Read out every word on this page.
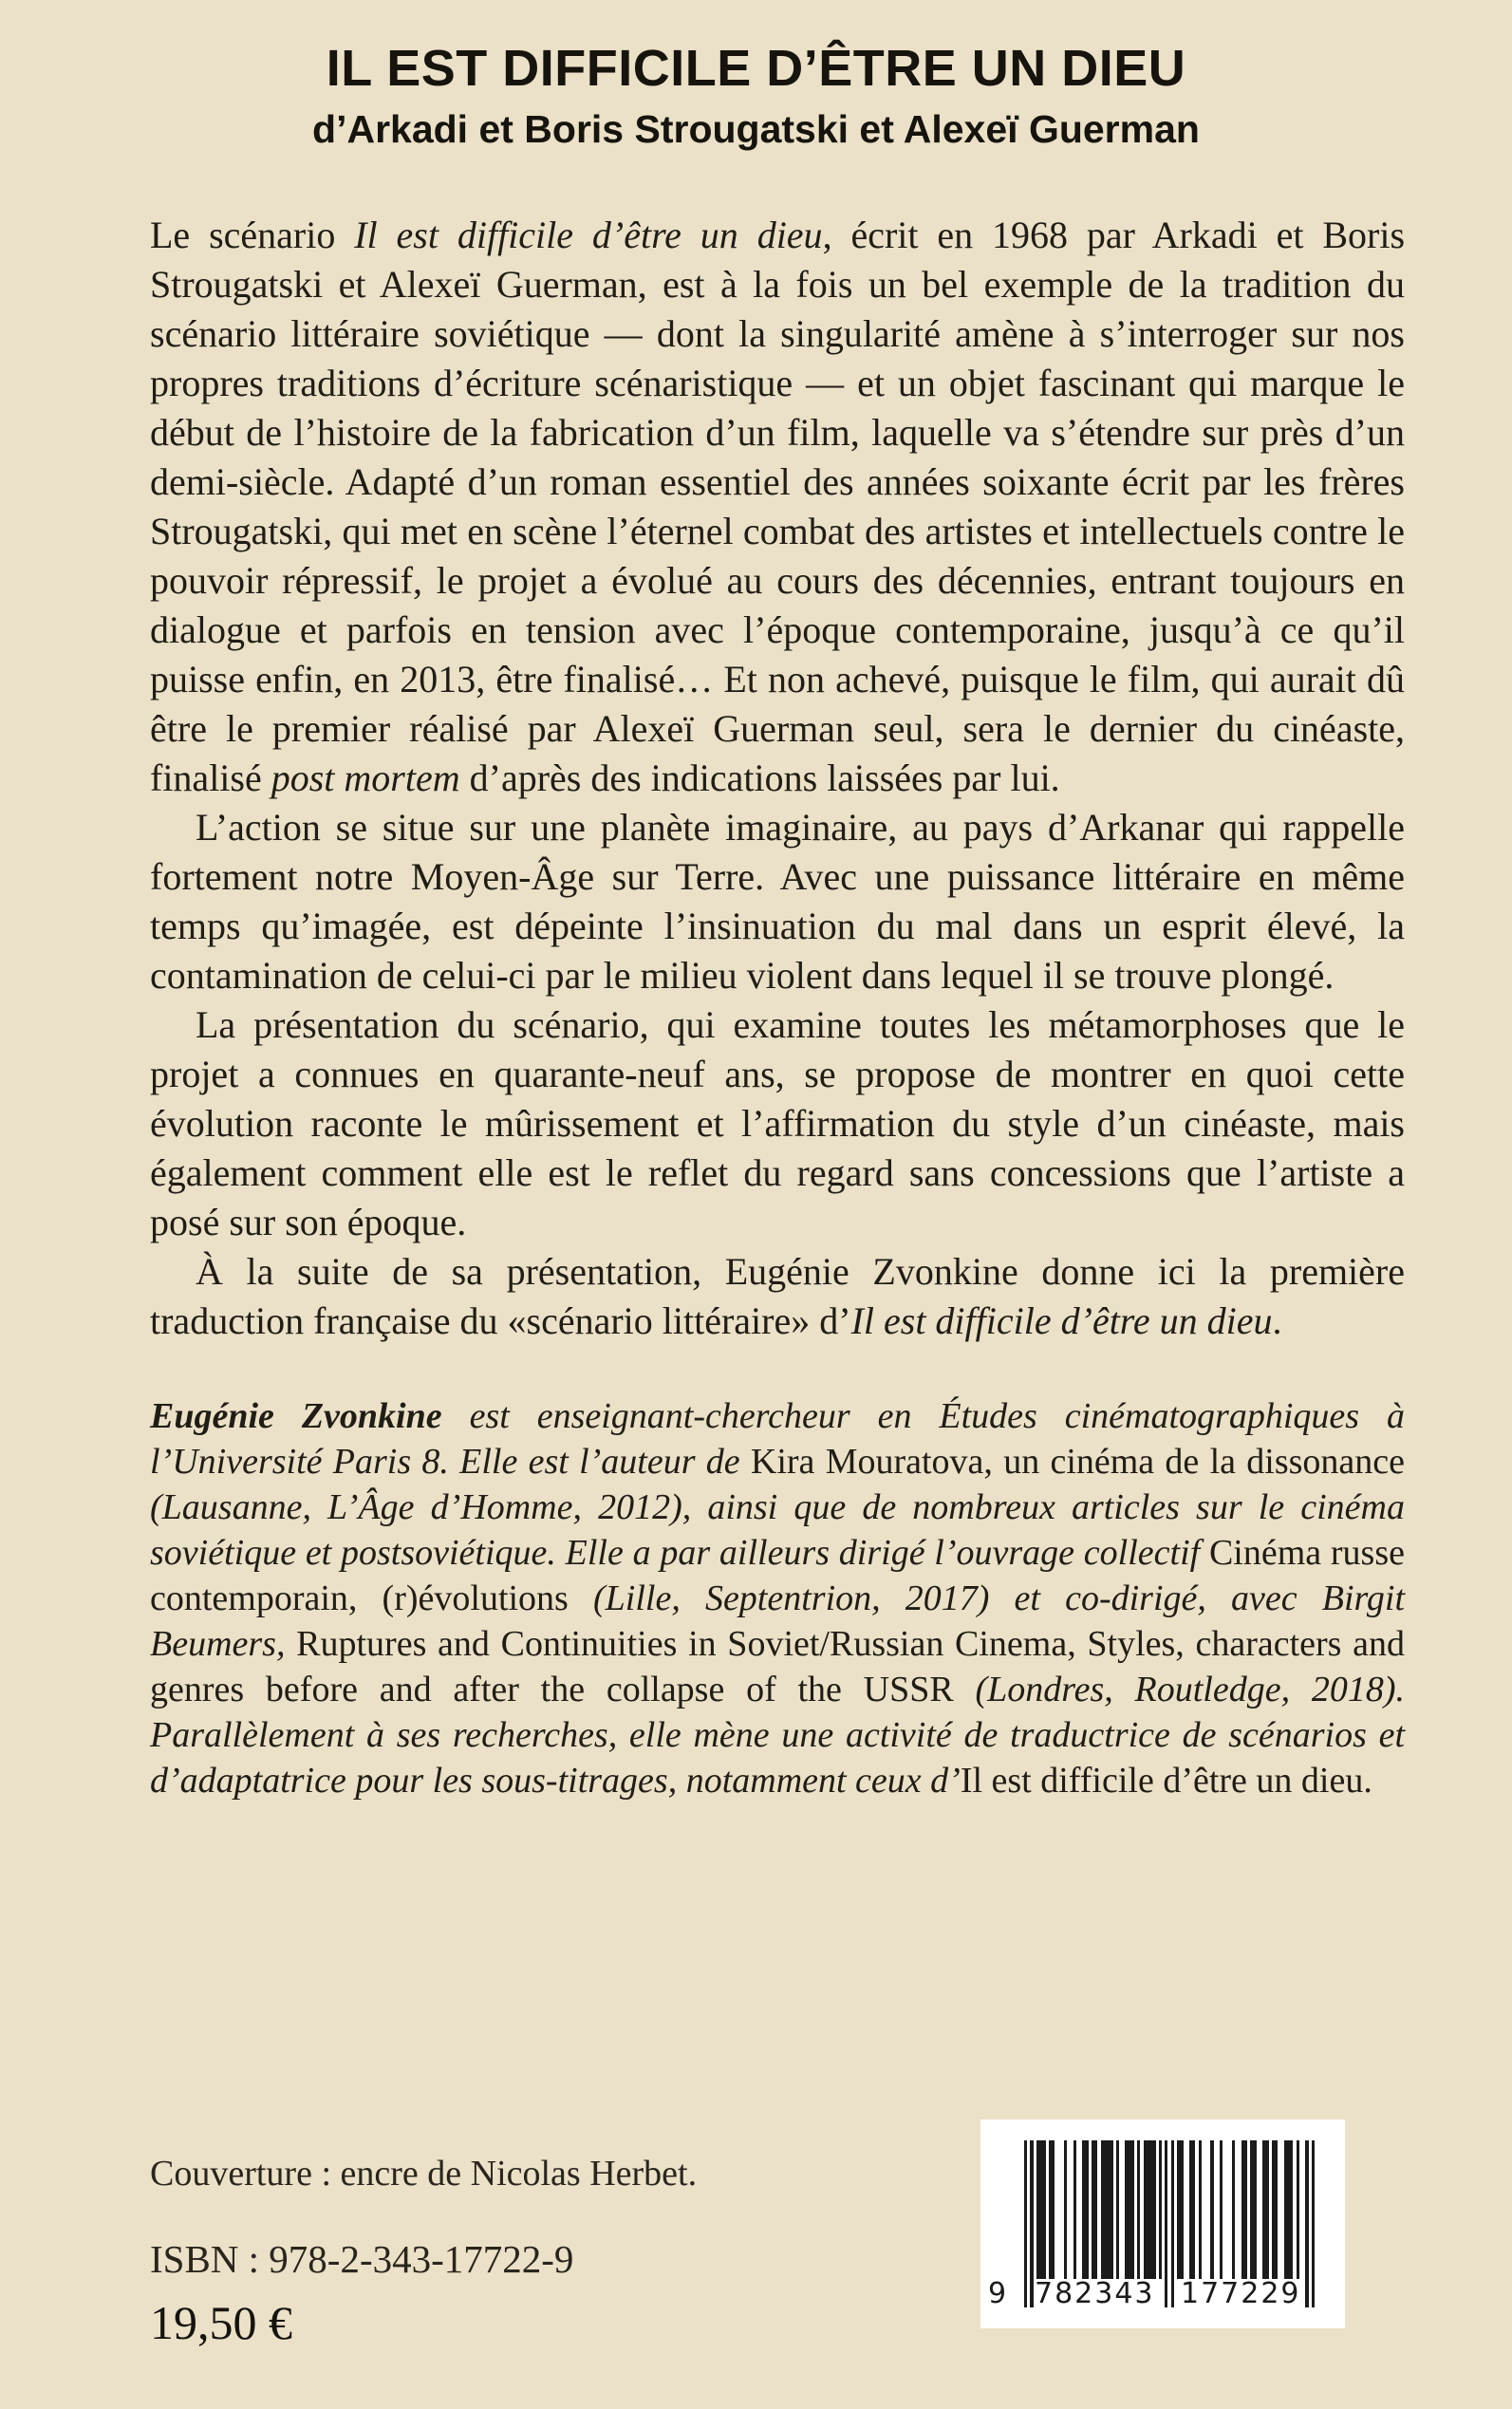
IL EST DIFFICILE D’ÊTRE UN DIEU
d’Arkadi et Boris Strougatski et Alexeï Guerman

Le scénario Il est difficile d’être un dieu, écrit en 1968 par Arkadi et Boris Strougatski et Alexeï Guerman, est à la fois un bel exemple de la tradition du scénario littéraire soviétique — dont la singularité amène à s’interroger sur nos propres traditions d’écriture scénaristique — et un objet fascinant qui marque le début de l’histoire de la fabrication d’un film, laquelle va s’étendre sur près d’un demi-siècle. Adapté d’un roman essentiel des années soixante écrit par les frères Strougatski, qui met en scène l’éternel combat des artistes et intellectuels contre le pouvoir répressif, le projet a évolué au cours des décennies, entrant toujours en dialogue et parfois en tension avec l’époque contemporaine, jusqu’à ce qu’il puisse enfin, en 2013, être finalisé… Et non achevé, puisque le film, qui aurait dû être le premier réalisé par Alexeï Guerman seul, sera le dernier du cinéaste, finalisé post mortem d’après des indications laissées par lui.

L’action se situe sur une planète imaginaire, au pays d’Arkanar qui rappelle fortement notre Moyen-Âge sur Terre. Avec une puissance littéraire en même temps qu’imagée, est dépeinte l’insinuation du mal dans un esprit élevé, la contamination de celui-ci par le milieu violent dans lequel il se trouve plongé.

La présentation du scénario, qui examine toutes les métamorphoses que le projet a connues en quarante-neuf ans, se propose de montrer en quoi cette évolution raconte le mûrissement et l’affirmation du style d’un cinéaste, mais également comment elle est le reflet du regard sans concessions que l’artiste a posé sur son époque.

À la suite de sa présentation, Eugénie Zvonkine donne ici la première traduction française du «scénario littéraire» d’Il est difficile d’être un dieu.

Eugénie Zvonkine est enseignant-chercheur en Études cinématographiques à l’Université Paris 8. Elle est l’auteur de Kira Mouratova, un cinéma de la dissonance (Lausanne, L’Âge d’Homme, 2012), ainsi que de nombreux articles sur le cinéma soviétique et postsoviétique. Elle a par ailleurs dirigé l’ouvrage collectif Cinéma russe contemporain, (r)évolutions (Lille, Septentrion, 2017) et co-dirigé, avec Birgit Beumers, Ruptures and Continuities in Soviet/Russian Cinema, Styles, characters and genres before and after the collapse of the USSR (Londres, Routledge, 2018). Parallèlement à ses recherches, elle mène une activité de traductrice de scénarios et d’adaptatrice pour les sous-titrages, notamment ceux d’Il est difficile d’être un dieu.

Couverture : encre de Nicolas Herbet.
ISBN : 978-2-343-17722-9
19,50 €
9 782343 177229
